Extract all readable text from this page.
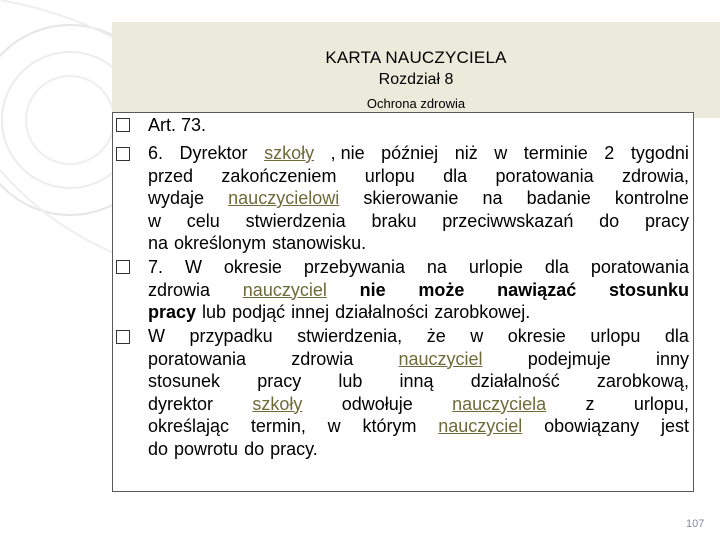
KARTA NAUCZYCIELA
Rozdział 8
Ochrona zdrowia
Art. 73.
6. Dyrektor szkoły , nie później niż w terminie 2 tygodni
przed zakończeniem urlopu dla poratowania zdrowia,
wydaje nauczycielowi skierowanie na badanie kontrolne
w celu stwierdzenia braku przeciwwskazań do pracy
na określonym stanowisku.
7. W okresie przebywania na urlopie dla poratowania
zdrowia nauczyciel nie może nawiązać stosunku
pracy lub podjąć innej działalności zarobkowej.
W przypadku stwierdzenia, że w okresie urlopu dla
poratowania	zdrowia	nauczyciel	podejmuje	inny
stosunek pracy lub inną działalność zarobkową,
dyrektor szkoły odwołuje nauczyciela z urlopu,
określając termin, w którym nauczyciel obowiązany jest
do powrotu do pracy.
107
